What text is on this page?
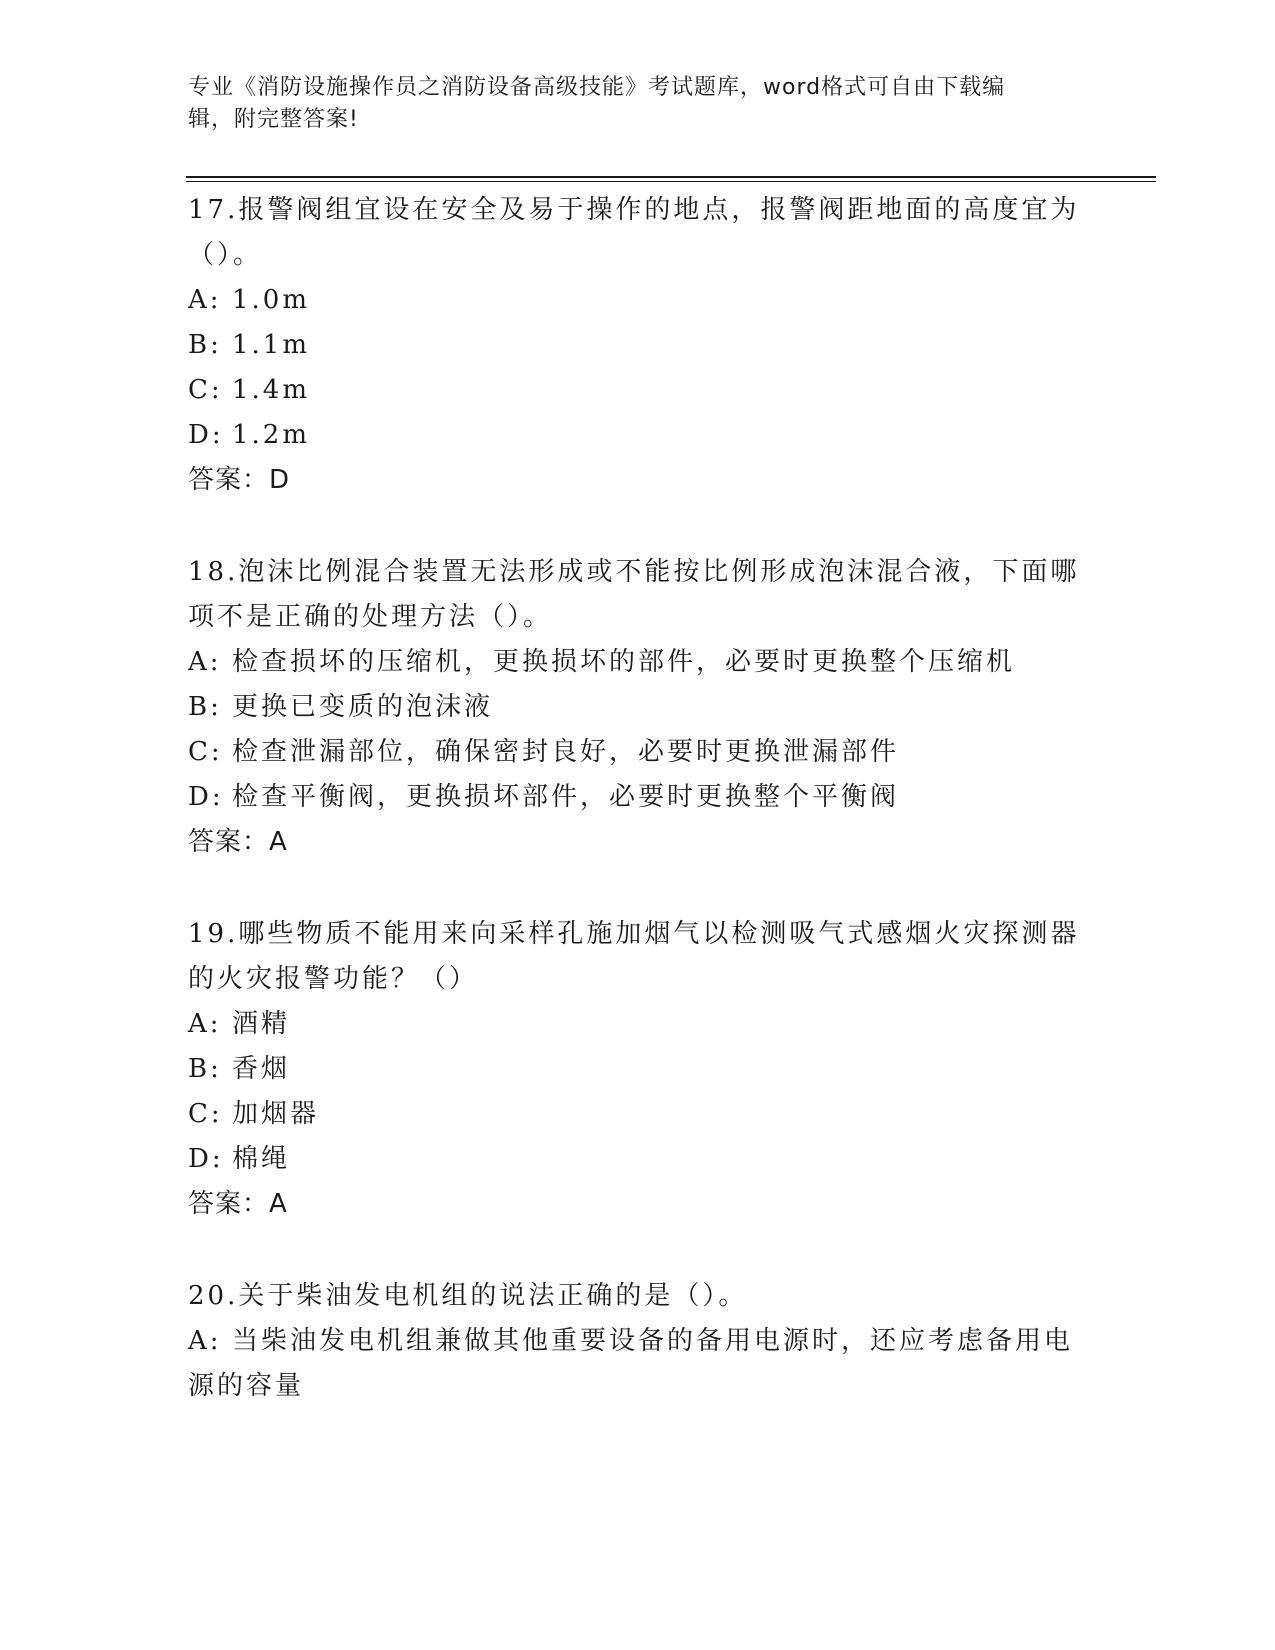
专业《消防设施操作员之消防设备高级技能》考试题库，word格式可自由下载编
辑，附完整答案!

17.报警阀组宜设在安全及易于操作的地点，报警阀距地面的高度宜为

（）。

A: 1.0m
B: 1.1m
C: 1.4m
D: 1.2m

答案：D

18.泡沫比例混合装置无法形成或不能按比例形成泡沫混合液，下面哪

项不是正确的处理方法（）。

A: 检查损坏的压缩机，更换损坏的部件，必要时更换整个压缩机
B: 更换已变质的泡沫液
C: 检查泄漏部位，确保密封良好，必要时更换泄漏部件
D: 检查平衡阀，更换损坏部件，必要时更换整个平衡阀

答案：A

19.哪些物质不能用来向采样孔施加烟气以检测吸气式感烟火灾探测器

的火灾报警功能？（）

A: 酒精
B: 香烟
C: 加烟器
D: 棉绳

答案：A

20.关于柴油发电机组的说法正确的是（）。

A: 当柴油发电机组兼做其他重要设备的备用电源时，还应考虑备用电

源的容量
